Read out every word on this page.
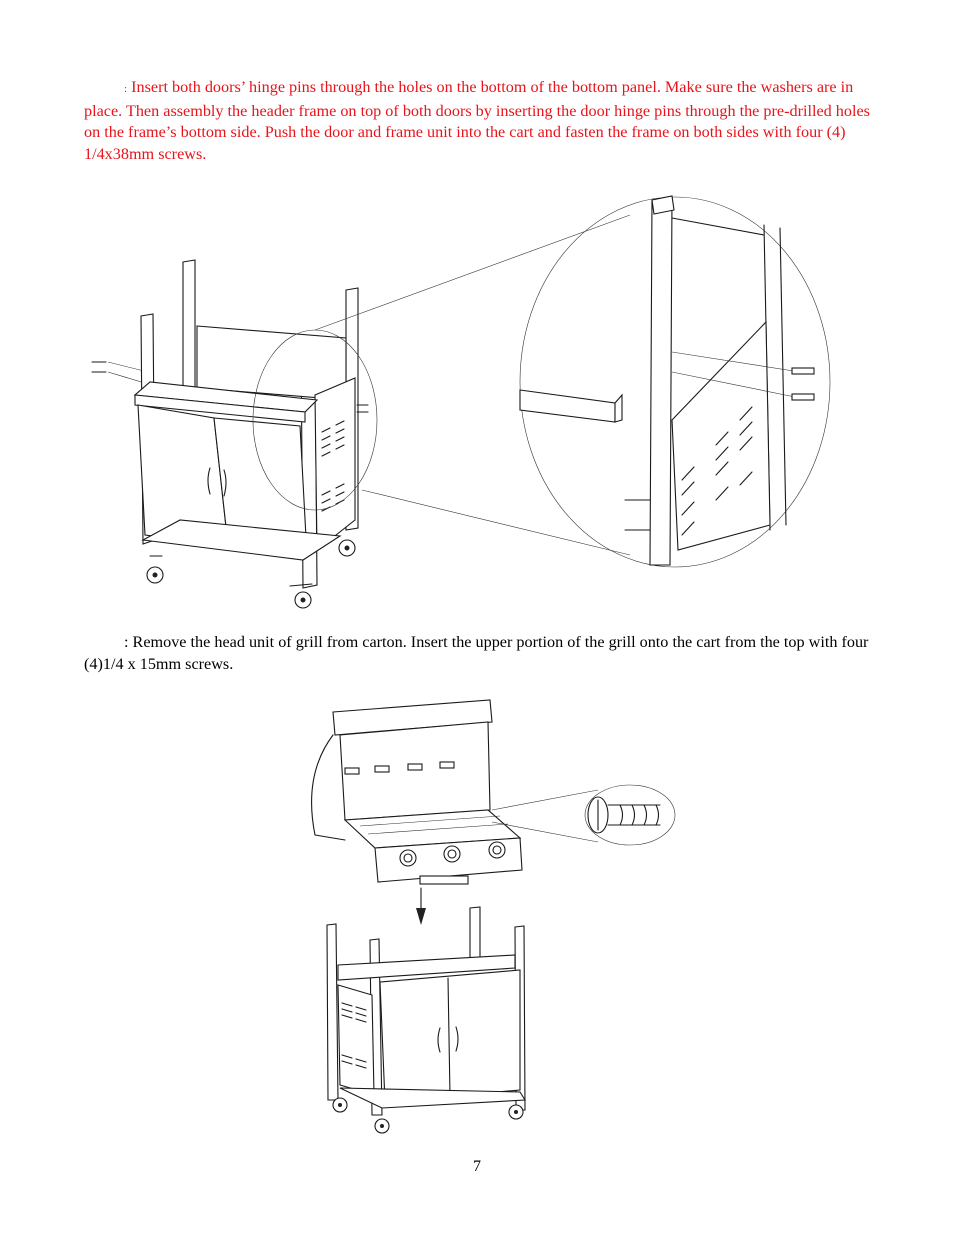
: Insert both doors’ hinge pins through the holes on the bottom of the bottom panel. Make sure the washers are in place. Then assembly the header frame on top of both doors by inserting the door hinge pins through the pre-drilled holes on the frame’s bottom side. Push the door and frame unit into the cart and fasten the frame on both sides with four (4) 1/4x38mm screws.

: Remove the head unit of grill from carton. Insert the upper portion of the grill onto the cart from the top with four (4)1/4 x 15mm screws.

7
